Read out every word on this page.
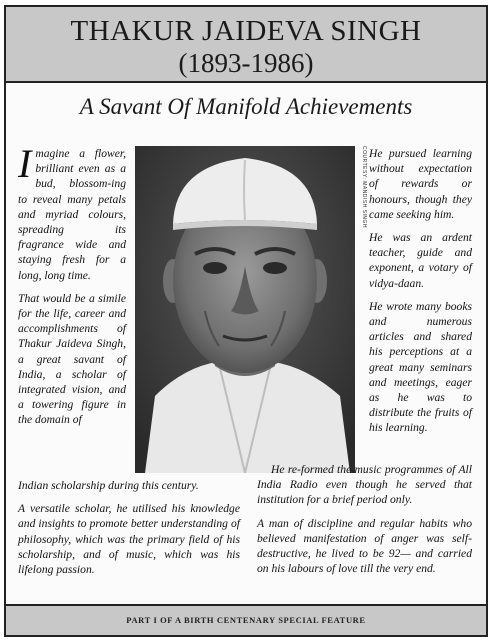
THAKUR JAIDEVA SINGH
(1893-1986)
A Savant Of Manifold Achievements

Imagine a flower, brilliant even as a bud, blossom-ing to reveal many petals and myriad colours, spreading its fragrance wide and staying fresh for a long, long time.

That would be a simile for the life, career and accomplishments of Thakur Jaideva Singh, a great savant of India, a scholar of integrated vision, and a towering figure in the domain of

COURTESY: MANDISH SINGH He pursued learning without expectation of rewards or honours, though they came seeking him.

He was an ardent teacher, guide and exponent, a votary of vidya-daan.

He wrote many books and numerous articles and shared his perceptions at a great many seminars and meetings, eager as he was to distribute the fruits of his learning.

Indian scholarship during this century.

A versatile scholar, he utilised his knowledge and insights to promote better understanding of philosophy, which was the primary field of his scholarship, and of music, which was his lifelong passion.

He re-formed the music programmes of All India Radio even though he served that institution for a brief period only.

A man of discipline and regular habits who believed manifestation of anger was self-destructive, he lived to be 92— and carried on his labours of love till the very end.

PART I OF A BIRTH CENTENARY SPECIAL FEATURE
